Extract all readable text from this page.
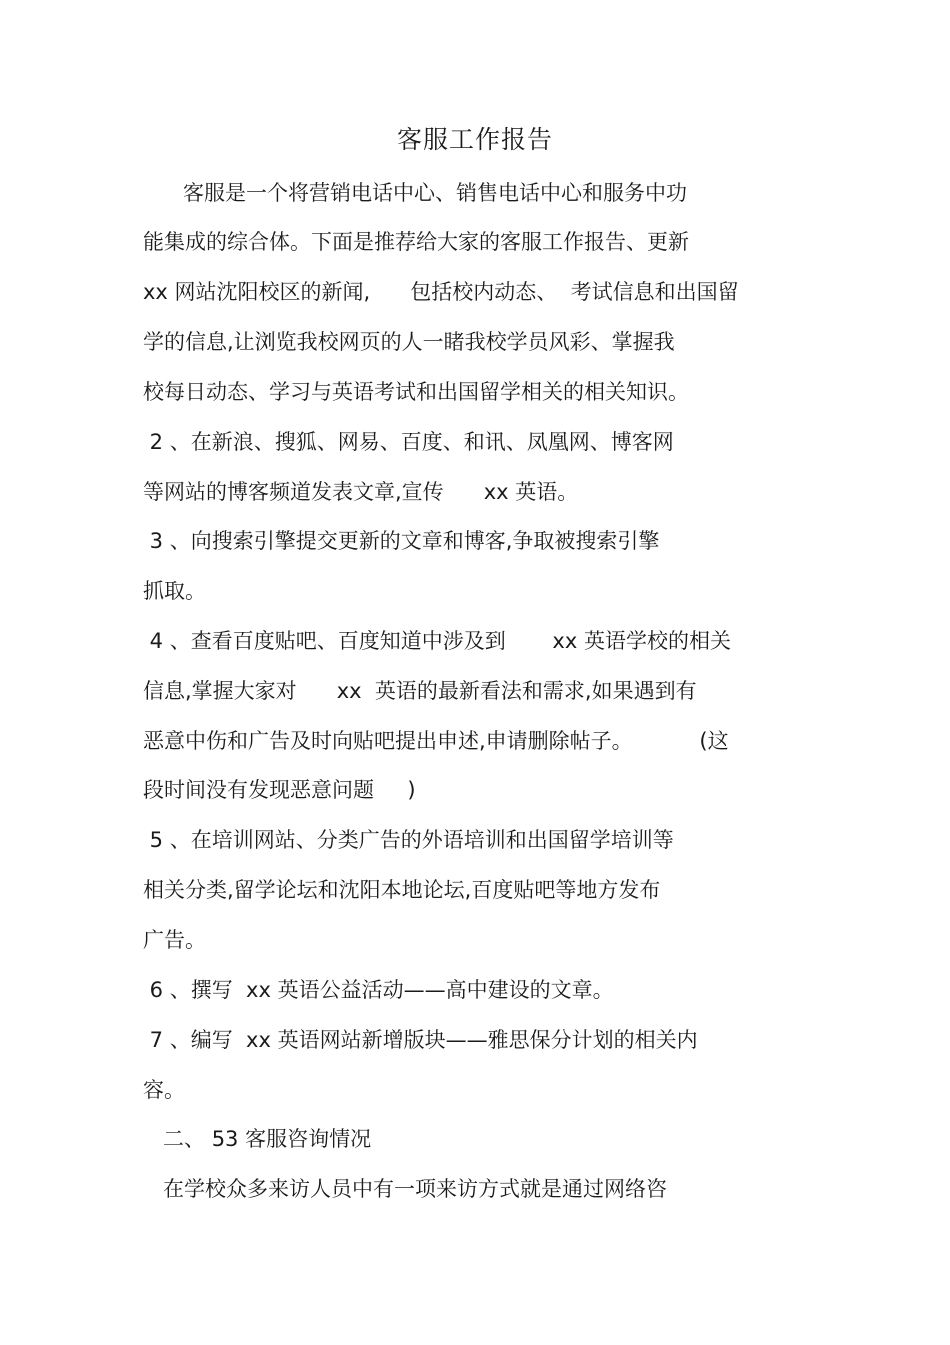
客服工作报告
客服是一个将营销电话中心、销售电话中心和服务中功
能集成的综合体。下面是推荐给大家的客服工作报告、更新
xx 网站沈阳校区的新闻,      包括校内动态、  考试信息和出国留
学的信息,让浏览我校网页的人一睹我校学员风彩、掌握我
校每日动态、学习与英语考试和出国留学相关的相关知识。
2 、在新浪、搜狐、网易、百度、和讯、凤凰网、博客网
等网站的博客频道发表文章,宣传      xx 英语。
3 、向搜索引擎提交更新的文章和博客,争取被搜索引擎
抓取。
4 、查看百度贴吧、百度知道中涉及到       xx 英语学校的相关
信息,掌握大家对      xx  英语的最新看法和需求,如果遇到有
恶意中伤和广告及时向贴吧提出申述,申请删除帖子。          (这
段时间没有发现恶意问题     )
5 、在培训网站、分类广告的外语培训和出国留学培训等
相关分类,留学论坛和沈阳本地论坛,百度贴吧等地方发布
广告。
6 、撰写  xx 英语公益活动——高中建设的文章。
7 、编写  xx 英语网站新增版块——雅思保分计划的相关内
容。
二、 53 客服咨询情况
在学校众多来访人员中有一项来访方式就是通过网络咨
